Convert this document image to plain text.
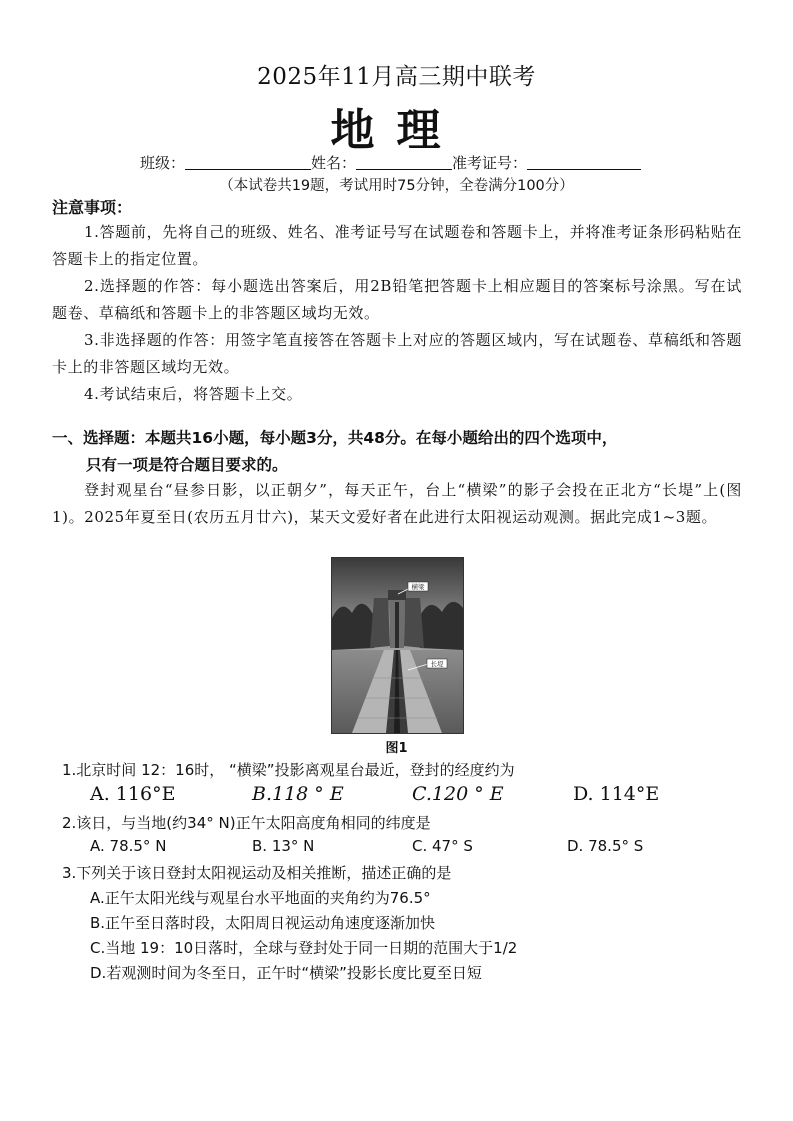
2025年11月高三期中联考
地理
班级：	姓名：	准考证号：
（本试卷共19题，考试用时75分钟，全卷满分100分）
注意事项：
1.答题前，先将自己的班级、姓名、准考证号写在试题卷和答题卡上，并将准考证条形码粘贴在答题卡上的指定位置。
2.选择题的作答：每小题选出答案后，用2B铅笔把答题卡上相应题目的答案标号涂黑。写在试题卷、草稿纸和答题卡上的非答题区域均无效。
3.非选择题的作答：用签字笔直接答在答题卡上对应的答题区域内，写在试题卷、草稿纸和答题卡上的非答题区域均无效。
4.考试结束后，将答题卡上交。
一、选择题：本题共16小题，每小题3分，共48分。在每小题给出的四个选项中，
只有一项是符合题目要求的。
登封观星台“昼参日影，以正朝夕”，每天正午，台上“横梁”的影子会投在正北方“长堤”上(图1)。2025年夏至日(农历五月廿六)，某天文爱好者在此进行太阳视运动观测。据此完成1~3题。
横梁
长堤
图1
1.北京时间 12：16时， “横梁”投影离观星台最近，登封的经度约为
A. 116°E	B.118 ° E	C.120 ° E	D. 114°E
2.该日，与当地(约34° N)正午太阳高度角相同的纬度是
A. 78.5° N	B. 13° N	C. 47° S	D. 78.5° S
3.下列关于该日登封太阳视运动及相关推断，描述正确的是
A.正午太阳光线与观星台水平地面的夹角约为76.5°
B.正午至日落时段，太阳周日视运动角速度逐渐加快
C.当地 19：10日落时，全球与登封处于同一日期的范围大于1/2
D.若观测时间为冬至日，正午时“横梁”投影长度比夏至日短
